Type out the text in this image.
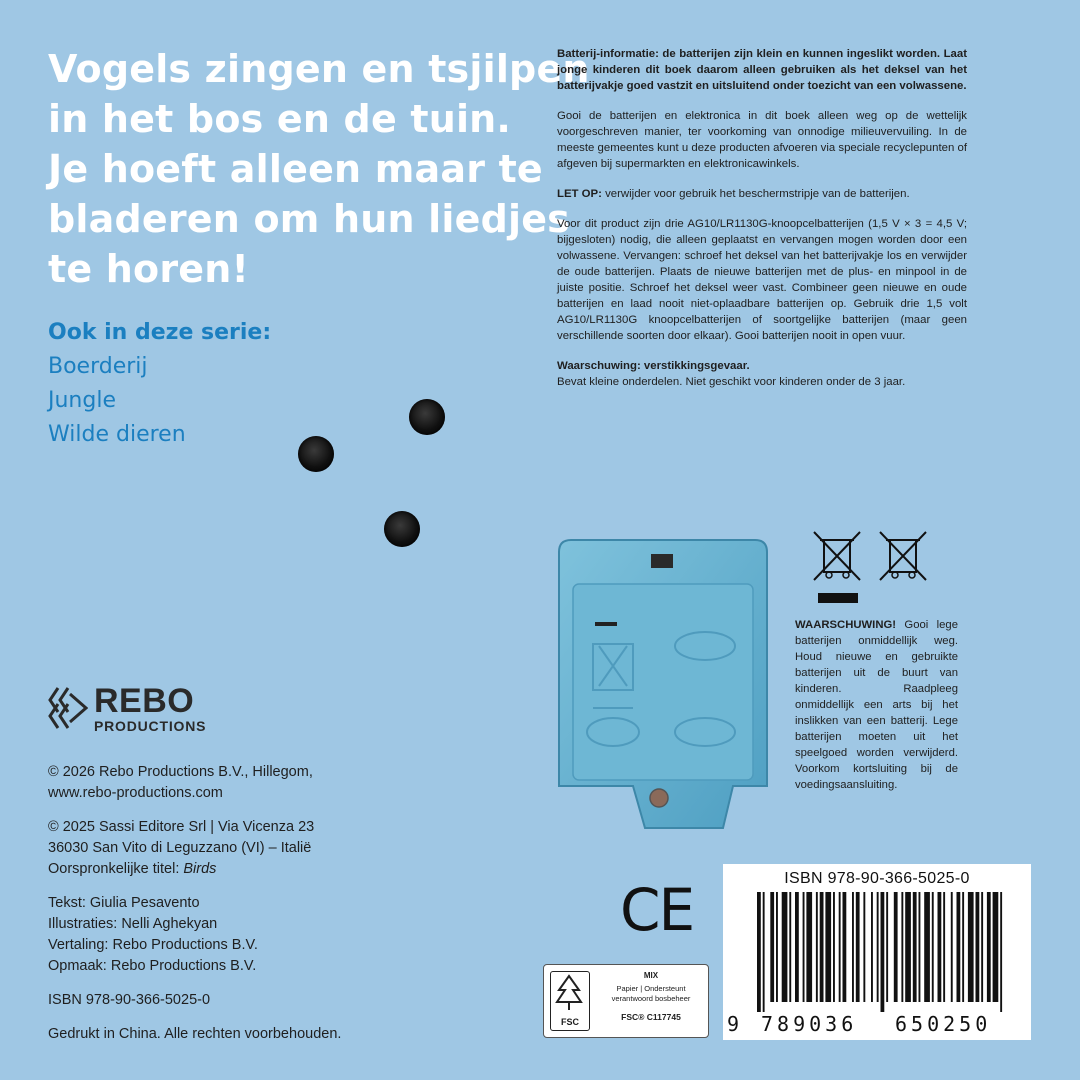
Vogels zingen en tsjilpen
in het bos en de tuin.
Je hoeft alleen maar te
bladeren om hun liedjes
te horen!
Ook in deze serie:
Boerderij
Jungle
Wilde dieren
REBO
PRODUCTIONS
© 2026 Rebo Productions B.V., Hillegom,
www.rebo-productions.com
© 2025 Sassi Editore Srl | Via Vicenza 23
36030 San Vito di Leguzzano (VI) – Italië
Oorspronkelijke titel: Birds
Tekst: Giulia Pesavento
Illustraties: Nelli Aghekyan
Vertaling: Rebo Productions B.V.
Opmaak: Rebo Productions B.V.
ISBN 978-90-366-5025-0
Gedrukt in China. Alle rechten voorbehouden.

Batterij-informatie: de batterijen zijn klein en kunnen ingeslikt worden. Laat jonge kinderen dit boek daarom alleen gebruiken als het deksel van het batterijvakje goed vastzit en uitsluitend onder toezicht van een volwassene.

Gooi de batterijen en elektronica in dit boek alleen weg op de wettelijk voorgeschreven manier, ter voorkoming van onnodige milieuvervuiling. In de meeste gemeentes kunt u deze producten afvoeren via speciale recyclepunten of afgeven bij supermarkten en elektronicawinkels.

LET OP: verwijder voor gebruik het beschermstripje van de batterijen.

Voor dit product zijn drie AG10/LR1130G-knoopcelbatterijen (1,5 V × 3 = 4,5 V; bijgesloten) nodig, die alleen geplaatst en vervangen mogen worden door een volwassene. Vervangen: schroef het deksel van het batterijvakje los en verwijder de oude batterijen. Plaats de nieuwe batterijen met de plus- en minpool in de juiste positie. Schroef het deksel weer vast. Combineer geen nieuwe en oude batterijen en laad nooit niet-oplaadbare batterijen op. Gebruik drie 1,5 volt AG10/LR1130G knoopcelbatterijen of soortgelijke batterijen (maar geen verschillende soorten door elkaar). Gooi batterijen nooit in open vuur.

Waarschuwing: verstikkingsgevaar.
Bevat kleine onderdelen. Niet geschikt voor kinderen onder de 3 jaar.

WAARSCHUWING! Gooi lege batterijen onmiddellijk weg. Houd nieuwe en gebruikte batterijen uit de buurt van kinderen. Raadpleeg onmiddellijk een arts bij het inslikken van een batterij. Lege batterijen moeten uit het speelgoed worden verwijderd. Voorkom kortsluiting bij de voedingsaansluiting.
CE
FSC
MIX
Papier | Ondersteunt
verantwoord bosbeheer
FSC® C117745
ISBN 978-90-366-5025-0
9 789036 650250
